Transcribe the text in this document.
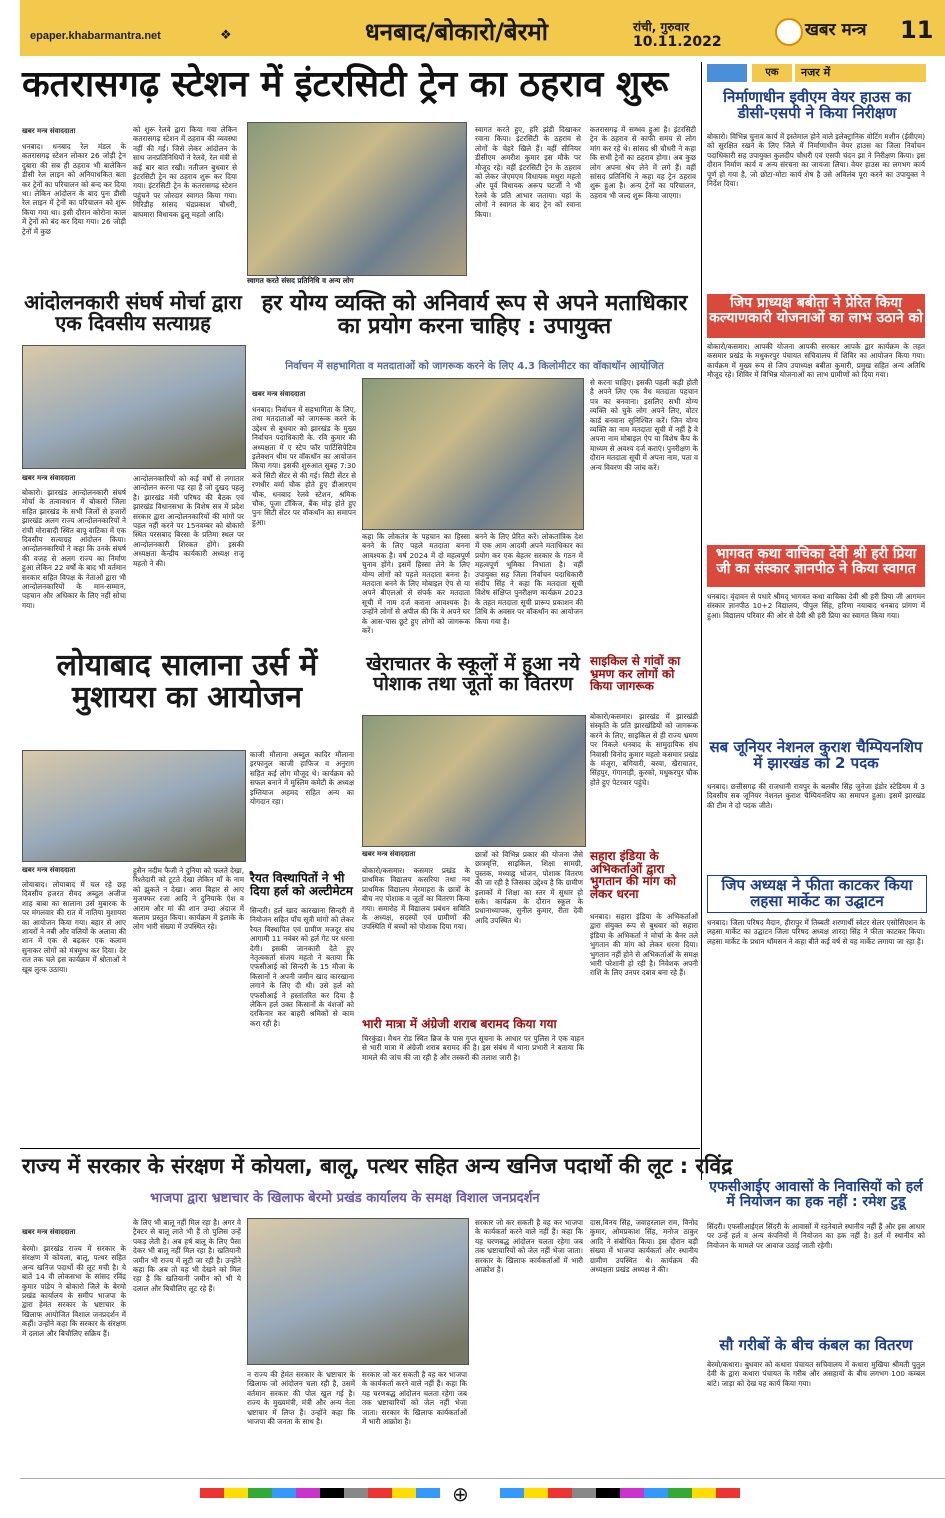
epaper.khabarmantra.net	❖	धनबाद/बोकारो/बेरमो	रांची, गुरुवार
10.11.2022
खबर मन्त्र 11
कतरासगढ़ स्टेशन में इंटरसिटी ट्रेन का ठहराव शुरू
खबर मन्त्र संवाददाता
धनबाद। धनबाद रेल मंडल के कतरासगढ़ स्टेशन लोकार 26 जोड़ी ट्रेन दुबारा की सब ही ठहराव भी बालेकिन डीसी रेल लाइन को अनियाधकित बता कर ट्रेनों का परिचालन को बन्द कर दिया था। लेकिन आंदोलन के बाद पुनः डीसी रेल लाइन में ट्रेनों का परिचालन को शुरू किया गया था। इसी दौरान कोरोना काल में ट्रेनों को बंद कर दिया गया। 26 जोड़ी ट्रेनों में कुछ
को शुरू रेलवे द्वारा किया गया लेकिन कतरासगढ़ स्टेशन में ठहराव की व्यवस्था नहीं की गई। जिसे लेकर आंदोलन के साथ जनप्रतिनिधियों ने रेलवे, रेल मंत्री से कई बार बात रखी। नतीजन बुधवार से इंटरसिटी ट्रेन का ठहराव शुरू कर दिया गया। इंटरसिटी ट्रेन के कतरासगढ़ स्टेशन पहुंचने पर जोरदार स्वागत किया गया। गिरिडीह सांसद चंद्रप्रकाश चौधरी, बाघमारा विधायक ढुलू महतो आदि।
स्वागत करते संसद प्रतिनिधि व अन्य लोग
स्वागत करते हुए, हरि झंडी दिखाकर रवाना किया। इंटरसिटी के ठहराव से लोगों के चेहरे खिले हैं। वहीं सीनियर डीसीएम अमरीश कुमार इस मौके पर मौजूद रहे। वहीं इंटरसिटी ट्रेन के ठहराव को लेकर जेएमएम विधायक मथुरा महतो और पूर्व विधायक अरूप चटर्जी ने भी रेलवे के प्रति आभार जताया। यहां के लोगों ने स्वागत के बाद ट्रेन को रवाना किया।
कतरासगढ़ में सम्भव हुआ है। इंटरसिटी ट्रेन के ठहराव से काफी समय से लोग मांग कर रहे थे। सांसद श्री चौधरी ने कहा कि सभी ट्रेनों का ठहराव होगा। अब कुछ लोग अपना श्रेय लेने में लगे हैं। वहीं सांसद प्रतिनिधि ने कहा यह ट्रेन ठहराव शुरू हुआ है। अन्य ट्रेनों का परिचालन, ठहराव भी जल्द शुरू किया जाएगा।
एक	नजर में
निर्माणाधीन इवीएम वेयर हाउस का डीसी-एसपी ने किया निरीक्षण
बोकारो। विभिन्न चुनाव कार्य में इस्तेमाल होने वाले इलेक्ट्रानिक वोटिंग मशीन (ईवीएम) को सुरक्षित रखने के लिए जिले में निर्माणाधीन वेयर हाउस का जिला निर्वाचन पदाधिकारी सह उपायुक्त कुलदीप चौधरी एवं एसपी चंदन झा ने निरीक्षण किया। इस दौरान निर्माण कार्य व अन्य संरचना का जायजा लिया। वेयर हाउस का लगभग कार्य पूर्ण हो गया है, जो छोटा-मोटा कार्य शेष है उसे अविलंब पूरा करने का उपायुक्त ने निर्देश दिया।
जिप प्राध्यक्ष बबीता ने प्रेरित किया कल्याणकारी योजनाओं का लाभ उठाने को
बोकारो/कसमार। आपकी योजना आपकी सरकार आपके द्वार कार्यक्रम के तहत कसमार प्रखंड के मधुकरपुर पंचायत सचिवालय में शिविर का आयोजन किया गया। कार्यक्रम में मुख्य रूप से जिप उपाध्यक्ष बबीता कुमारी, प्रमुख सहित अन्य अतिथि मौजूद रहे। शिविर में विभिन्न योजनाओं का लाभ ग्रामीणों को दिया गया।
भागवत कथा वाचिका देवी श्री हरी प्रिया जी का संस्कार ज्ञानपीठ ने किया स्वागत
धनबाद। वृंदावन से पधारे श्रीमद् भागवत कथा वाचिका देवी श्री हरी प्रिया जी आगमन संस्कार ज्ञानपीठ 10+2 विद्यालय, पीपुल सिंह, हरिणा नयाबाद धनबाद प्रांगण में हुआ। विद्यालय परिवार की ओर से देवी श्री हरी प्रिया का स्वागत किया गया।
सब जूनियर नेशनल कुराश चैम्पियनशिप में झारखंड को 2 पदक
धनबाद। छत्तीसगढ़ की राजधानी रायपुर के बलबीर सिंह जुनेजा इंडोर स्टेडियम में 3 दिवसीय सब जूनियर नेशनल कुराश चैम्पियनशिप का समापन हुआ। इसमें झारखंड की टीम ने दो पदक जीते।
जिप अध्यक्ष ने फीता काटकर किया लहसा मार्केट का उद्घाटन
धनबाद। जिला परिषद मैदान, हीरापुर में तिब्बती शरणार्थी स्वेटर सेलर एसोसिएशन के लहसा मार्केट का उद्घाटन जिला परिषद अध्यक्ष शारदा सिंह ने फीता काटकर किया। लहसा मार्केट के प्रधान थॉमसन ने कहा बीते कई वर्ष से यह मार्केट लगाया जा रहा है।
आंदोलनकारी संघर्ष मोर्चा द्वारा एक दिवसीय सत्याग्रह
खबर मन्त्र संवाददाता
बोकारो। झारखंड आन्दोलनकारी संघर्ष मोर्चा के तत्वावधान में बोकारो जिला सहित झारखंड के सभी जिलों से हजारों झारखंड अलग राज्य आन्दोलनकारियों ने रांची मोराबादी स्थित बापू वाटिका में एक दिवसीय सत्याग्रह आंदोलन किया। आन्दोलनकारियों ने कहा कि उनके संघर्ष की वजह से अलग राज्य का निर्माण हुआ लेकिन 22 वर्षों के बाद भी वर्तमान सरकार सहित विपक्ष के नेताओं द्वारा भी आन्दोलनकारियों के मान-सम्मान, पहचान और अधिकार के लिए नहीं सोचा गया।
आन्दोलनकारियों को कई वर्षों से लगातार आन्दोलन करना पड़ रहा है जो दुखद पहलू है। झारखंड मंत्री परिषद की बैठक एवं झारखंड विधानसभा के विशेष सत्र में प्रदेश सरकार द्वारा आन्दोलनकारियों की मांगों पर पहल नहीं करने पर 15नवम्बर को बोकारो स्थित परसबाद बिरसा के प्रतिमा स्थल पर आन्दोलनकारी शिरकत होंगे। इसकी अध्यक्षता केन्द्रीय कार्यकारी अध्यक्ष राजू महतो ने की।
हर योग्य व्यक्ति को अनिवार्य रूप से अपने मताधिकार का प्रयोग करना चाहिए : उपायुक्त
निर्वाचन में सहभागिता व मतदाताओं को जागरूक करने के लिए 4.3 किलोमीटर का वॉकाथॉन आयोजित
खबर मन्त्र संवाददाता
धनबाद। निर्वाचन में सहभागिता के लिए, तथा मतदाताओं को जागरूक करने के उद्देश्य से बुधवार को झारखंड के मुख्य निर्वाचन पदाधिकारी के. रवि कुमार की अध्यक्षता में ए स्टेप फॉर पार्टिसिपेटिव इलेक्शन थीम पर वॉकथॉन का आयोजन किया गया। इसकी शुरुआत सुबह 7:30 बजे सिटी सेंटर से की गई। सिटी सेंटर से रणधीर वर्मा चौक होते हुए डीआरएम चौक, धनबाद रेलवे स्टेशन, श्रमिक चौक, पूजा टॉकिज, बैंक मोड़ होते हुए पुनः सिटी सेंटर पर वॉकथॉन का समापन हुआ।
कहा कि लोकतंत्र के पहचान का हिस्सा बनने के लिए पहले मतदाता बनना आवश्यक है। वर्ष 2024 में दो महत्वपूर्ण चुनाव होंगे। इसमें हिस्सा लेने के लिए योग्य लोगों को पहले मतदाता बनना है। मतदाता बनने के लिए मोबाइल ऐप से या अपने बीएलओ से संपर्क कर मतदाता सूची में नाम दर्ज कराना आवश्यक है। उन्होंने लोगों से अपील की कि वे अपने घर के आस-पास छूटे हुए लोगों को जागरूक करें।
बनने के लिए प्रेरित करें। लोकतांत्रिक देश में एक आम आदमी अपने मताधिकार का प्रयोग कर एक बेहतर सरकार के गठन में महत्वपूर्ण भूमिका निभाता है। वहीं उपायुक्त सह जिला निर्वाचन पदाधिकारी संदीप सिंह ने कहा कि मतदाता सूची विशेष संक्षिप्त पुनरीक्षण कार्यक्रम 2023 के तहत मतदाता सूची प्रारूप प्रकाशन की तिथि के अवसर पर वॉकथॉन का आयोजन किया गया है।
से करना चाहिए। इसकी पहली कड़ी होती है अपने लिए एक वैध मतदाता पहचान पत्र का बनवाना। इसलिए सभी योग्य व्यक्ति को चुके लोग अपने लिए, वोटर कार्ड बनवाना सुनिश्चित करें। जिन योग्य व्यक्ति का नाम मतदाता सूची में नहीं है वे अपना नाम मोबाइल ऐप या विशेष कैंप के माध्यम से अवश्य दर्ज कराएं। पुनरीक्षण के दौरान मतदाता सूची में अपना नाम, पता व अन्य विवरण की जांच करें।
लोयाबाद सालाना उर्स में मुशायरा का आयोजन
खबर मन्त्र संवाददाता
लोयाबाद। लोयाबाद में चल रहे छह दिवसीय हजरत सैयद अब्दुल अजीज शाह बाबा का सालाना उर्स मुबारक के पर मंगलवार की रात में नातिया मुशायरा का आयोजन किया गया। बहार से आए शायरों ने नबी और वलियों के अलावा की शान में एक से बढ़कर एक कलाम सुनाकर लोगों को मंत्रमुग्ध कर दिया। देर रात तक चले इस कार्यक्रम में श्रोताओं ने खूब लुत्फ उठाया।
हुसैन नदीम फैजी ने दुनिया को फलते देखा, रिश्तेदारी को टूटते देखा लेकिन माँ के नाम को झुकते न देखा। आरा बिहार से आए मुजफ्फर रजा आदि ने दुनियाके ऐश व आराम और मां की शान उम्दा अंदाज में कलाम प्रस्तुत किया। कार्यक्रम में इलाके के लोग भारी संख्या में उपस्थित रहे।
काजी मौलाना अब्दुल कादिर मौलाना इरफानुल काजी हाफिज व अनुराग सहित कई लोग मौजूद थे। कार्यक्रम को सफल बनाने में मुस्लिम कमेटी के अध्यक्ष इम्तियाज अहमद सहित अन्य का योगदान रहा।
रैयत विस्थापितों ने भी दिया हर्ल को अल्टीमेटम
सिन्दरी। हर्ल खाद कारखाना सिन्दरी में नियोजन सहित पाँच सूत्री मांगों को लेकर रैयत विस्थापित एवं ग्रामीण मजदूर संघ आगामी 11 नवंबर को हर्ल गेट पर धरना देगी। इसकी जानकारी देते हुए नेतृत्वकर्ता संजय महतो ने बताया कि एफसीआई को सिन्दरी के 15 मौजा के किसानों ने अपनी जमीन खाद कारखाना लगाने के लिए दी थी। उसे हर्ल को एफसीआई ने हस्तांतरित कर दिया है लेकिन हर्ल उक्त किसानों के वंशजों को दरकिनार कर बाहरी श्रमिकों से काम करा रही है।
खेराचातर के स्कूलों में हुआ नये पोशाक तथा जूतों का वितरण
खबर मन्त्र संवाददाता
बोकारो/कसमार। कसमार प्रखंड के प्राथमिक विद्यालय कसरिया तथा नव प्राथमिक विद्यालय मेरमाहरा के छात्रों के बीच नए पोशाक व जूतों का वितरण किया गया। समारोह में विद्यालय प्रबंधन समिति के अध्यक्ष, सदस्यों एवं ग्रामीणों की उपस्थिति में बच्चों को पोशाक दिया गया।
छात्रों को विभिन्न प्रकार की योजना जैसे छात्रवृत्ति, साइकिल, शिक्षा सामग्री, पुस्तक, मध्याह्न भोजन, पोशाक वितरण की जा रही है जिसका उद्देश्य है कि ग्रामीण इलाकों में शिक्षा का स्तर में सुधार हो सके। कार्यक्रम के दौरान स्कूल के प्रधानाध्यापक, सुनील कुमार, रीता देवी आदि उपस्थित थे।
भारी मात्रा में अंग्रेजी शराब बरामद किया गया
चिरकुंडा। मैथन रोड स्थित ब्रिज के पास गुप्त सूचना के आधार पर पुलिस ने एक वाहन से भारी मात्रा में अंग्रेजी शराब बरामद की है। इस संबंध में थाना प्रभारी ने बताया कि मामले की जांच की जा रही है और तस्करों की तलाश जारी है।
साइकिल से गांवों का भ्रमण कर लोगों को किया जागरूक
बोकारो/कसमार। झारखंड में झारखंडी संस्कृति के प्रति झारखंडियों को जागरूक करने के लिए, साइकिल से ही राज्य भ्रमण पर निकले धनबाद के सामुदायिक संघ निवासी विनोद कुमार महतो कसमार प्रखंड के मंजूरा, बगियारी, बरवा, खैराचातर, सिंहपुर, गंगानाड़ी, कुरको, मधुकरपुर चौक होते हुए पेटरवार पहुंचे।
सहारा इंडिया के अभिकर्ताओं द्वारा भुगतान की मांग को लेकर धरना
धनबाद। सहारा इंडिया के अभिकर्ताओं द्वारा संयुक्त रूप से बुधवार को सहारा इंडिया के अभिकर्ता ने मोर्चा के बैनर तले भुगतान की मांग को लेकर धरना दिया। भुगतान नहीं होने से अभिकर्ताओं के समक्ष भारी परेशानी हो रही है। निवेशक अपनी राशि के लिए उनपर दबाव बना रहे हैं।
राज्य में सरकार के संरक्षण में कोयला, बालू, पत्थर सहित अन्य खनिज पदार्थो की लूट : रविंद्र
भाजपा द्वारा भ्रष्टाचार के खिलाफ बेरमो प्रखंड कार्यालय के समक्ष विशाल जनप्रदर्शन
खबर मन्त्र संवाददाता
बेरमो। झारखंड राज्य में सरकार के संरक्षण में कोयला, बालू, पत्थर सहित अन्य खनिज पदार्थो की लूट मची है। ये बातें 14 वी लोकसभा के सांसद रविंद्र कुमार पांडेय ने बोकारो जिले के बेरमो प्रखंड कार्यालय के समीप भाजपा के द्वारा हेमंत सरकार के भ्रष्टाचार के खिलाफ आयोजित विशाल जनप्रदर्शन में कहीं। उन्होंने कहा कि सरकार के संरक्षण में दलाल और बिचौलिए सक्रिय हैं।
के लिए भी बालू नहीं मिल रहा है। अगर वे ट्रैक्टर से बालू लाते भी हैं तो पुलिस उन्हें पकड़ लेती है। अब हर्ष बालू के लिए पैसा देकर भी बालू नहीं मिल रहा है। खतियानी जमीन भी राज्य में लूटी जा रही है। उन्होंने कहा कि अब तो यह भी देखने को मिल रहा है कि खतियानी जमीन को भी ये दलाल और बिचौलिए लूट रहे हैं।
न राज्य की हेमंत सरकार के भ्रष्टाचार के खिलाफ जो आंदोलन चला रही है, उसमें वर्तमान सरकार की पोल खुल गई है। राज्य के मुख्यमंत्री, मंत्री और अन्य नेता भ्रष्टाचार में लिप्त हैं। उन्होंने कहा कि भाजपा की जनता के साथ है।
सरकार जो कर सकती है वह कर भाजपा के कार्यकर्ता करने वाले नहीं हैं। कहा कि यह चरणबद्ध आंदोलन चलता रहेगा जब तक भ्रष्टाचारियों को जेल नहीं भेजा जाता। सरकार के खिलाफ कार्यकर्ताओं में भारी आक्रोश है।
सरकार जो कर सकती है वह कर भाजपा के कार्यकर्ता करने वाले नहीं हैं। कहा कि यह चरणबद्ध आंदोलन चलता रहेगा जब तक भ्रष्टाचारियों को जेल नहीं भेजा जाता। सरकार के खिलाफ कार्यकर्ताओं में भारी आक्रोश है।
दास,विनय सिंह, जवाहरलाल राम, विनोद कुमार, ओमप्रकाश सिंह, मनोज ठाकुर आदि ने संबोधित किया। इस दौरान बड़ी संख्या में भाजपा कार्यकर्ता और स्थानीय ग्रामीण उपस्थित थे। कार्यक्रम की अध्यक्षता प्रखंड अध्यक्ष ने की।
एफसीआईए आवासों के निवासियों को हर्ल में नियोजन का हक नहीं : रमेश टुडू
सिंदरी। एफसीआईएल सिंदरी के आवासों में रहनेवाले स्थानीय नहीं हैं और इस आधार पर उन्हें हर्ल व अन्य कंपनियों में नियोजन का हक नहीं है। हर्ल में स्थानीय को नियोजन के मामले पर आवाज उठाई जाती रहेगी।
सौ गरीबों के बीच कंबल का वितरण
बेरमो/कथारा। बुधवार को कथारा पंचायत सचिवालय में कथारा मुखिया श्रीमती पुतुल देवी के द्वारा कथारा पंचायत के गरीब और असहायों के बीच लगभग 100 कम्बल बांटे। जाड़ा को देख यह कार्य किया गया।
⊕
